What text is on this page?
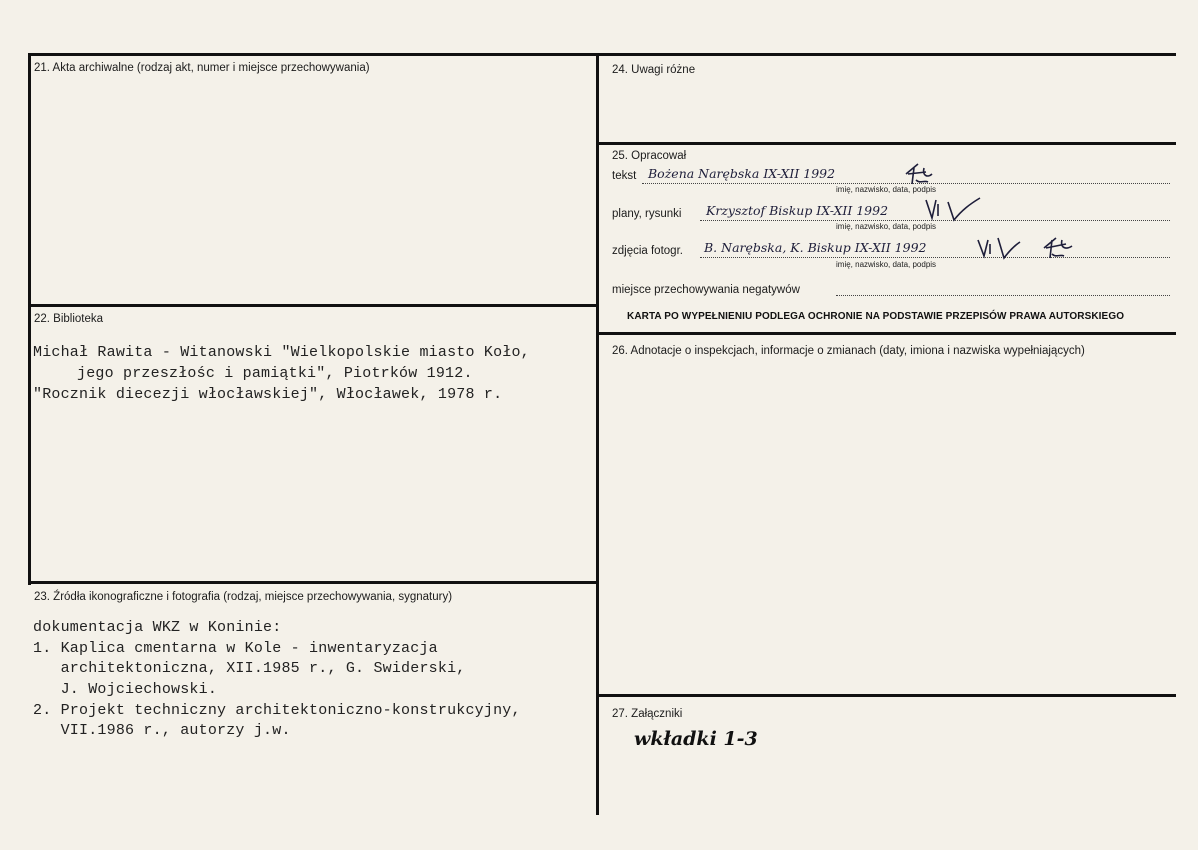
21. Akta archiwalne (rodzaj akt, numer i miejsce przechowywania)
22. Biblioteka
Michał Rawita - Witanowski "Wielkopolskie miasto Koło,
jego przeszłośc i pamiątki", Piotrków 1912.
"Rocznik diecezji włocławskiej", Włocławek, 1978 r.
23. Źródła ikonograficzne i fotografia (rodzaj, miejsce przechowywania, sygnatury)
dokumentacja WKZ w Koninie:
1. Kaplica cmentarna w Kole - inwentaryzacja
architektoniczna, XII.1985 r., G. Swiderski,
J. Wojciechowski.
2. Projekt techniczny architektoniczno-konstrukcyjny,
VII.1986 r., autorzy j.w.
24. Uwagi różne
25. Opracował
tekst Bożena Narębska IX-XII 1992
imię, nazwisko, data, podpis
plany, rysunki Krzysztof Biskup IX-XII 1992
imię, nazwisko, data, podpis
zdjęcia fotogr. B. Narębska, K. Biskup IX-XII 1992
imię, nazwisko, data, podpis
miejsce przechowywania negatywów
KARTA PO WYPEŁNIENIU PODLEGA OCHRONIE NA PODSTAWIE PRZEPISÓW PRAWA AUTORSKIEGO
26. Adnotacje o inspekcjach, informacje o zmianach (daty, imiona i nazwiska wypełniających)
27. Załączniki
wkładki 1-3
